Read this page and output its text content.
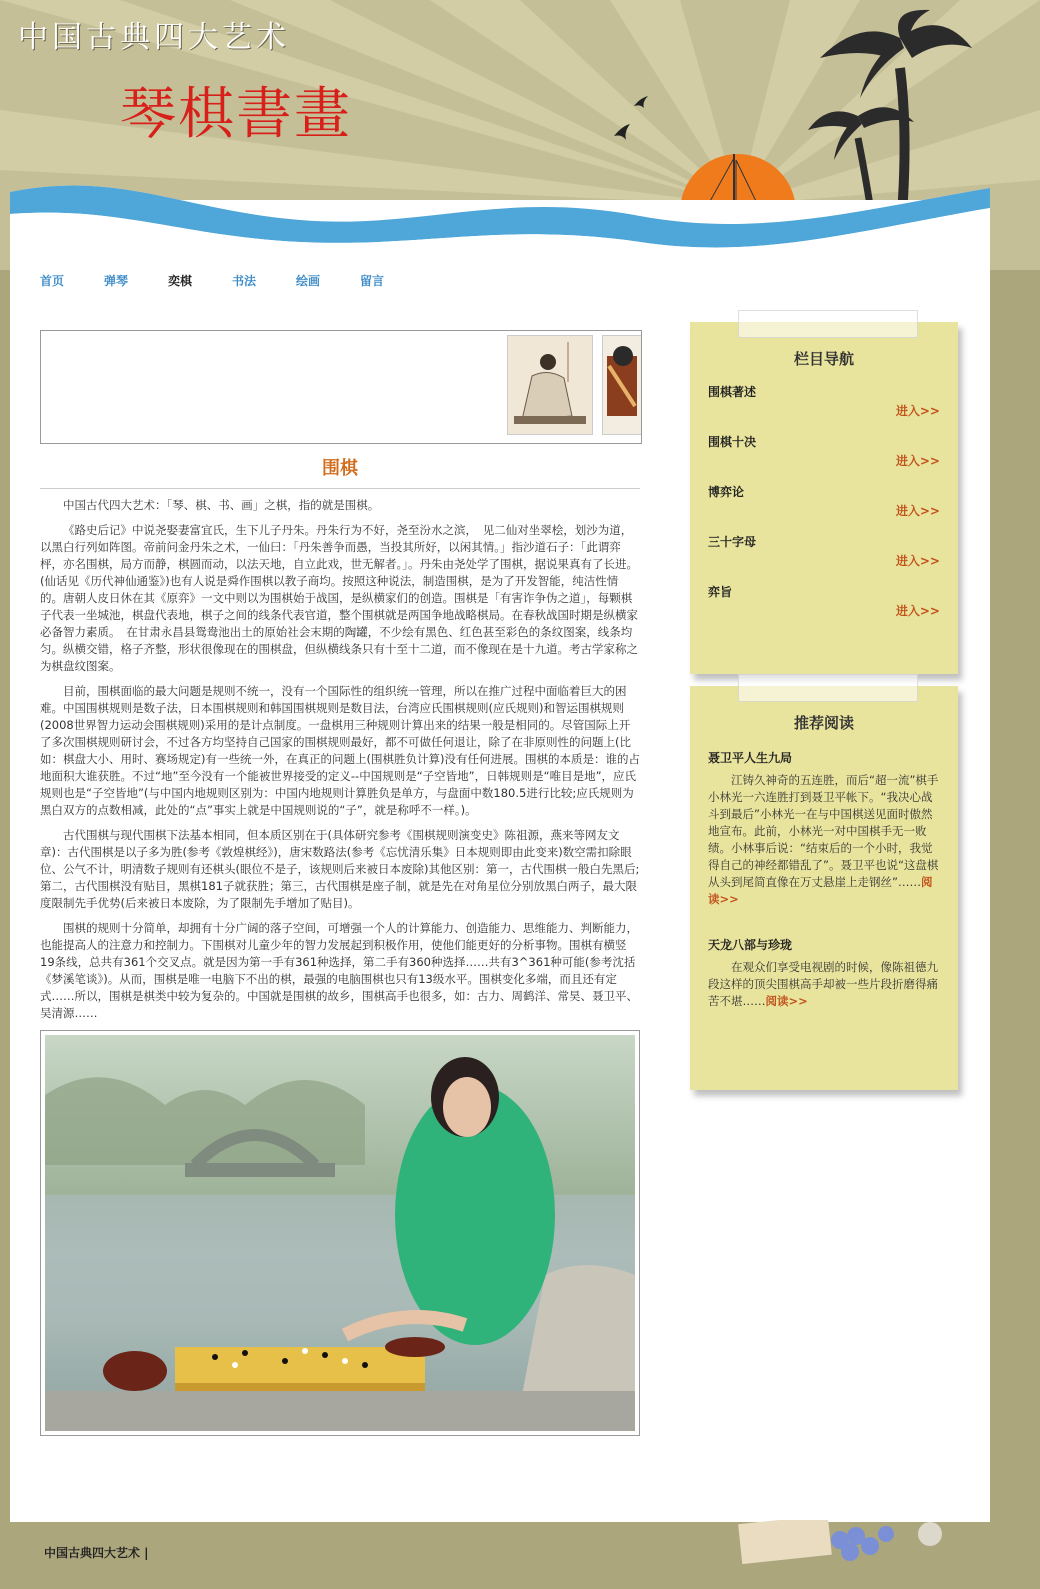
中国古典四大艺术
琴棋書畫
首页	弹琴	奕棋	书法	绘画	留言
围棋

中国古代四大艺术：「琴、棋、书、画」之棋，指的就是围棋。

《路史后记》中说尧娶妻富宜氏，生下儿子丹朱。丹朱行为不好，尧至汾水之滨，　见二仙对坐翠桧，划沙为道，以黑白行列如阵图。帝前问金丹朱之术，一仙曰：「丹朱善争而愚，当投其所好，以闲其情。」指沙道石子：「此谓弈枰，亦名围棋，局方而静，棋圆而动，以法天地，自立此戏，世无解者。」。丹朱由尧处学了围棋，据说果真有了长进。(仙话见《历代神仙通鉴》)也有人说是舜作围棋以教子商均。按照这种说法，制造围棋，是为了开发智能，纯洁性情的。唐朝人皮日休在其《原弈》一文中则以为围棋始于战国，是纵横家们的创造。围棋是「有害诈争伪之道」，每颗棋子代表一坐城池，棋盘代表地，棋子之间的线条代表官道，整个围棋就是两国争地战略棋局。在春秋战国时期是纵横家必备智力素质。　在甘肃永昌县鸳鸯池出土的原始社会末期的陶罐，不少绘有黑色、红色甚至彩色的条纹图案，线条均匀。纵横交错，格子齐整，形状很像现在的围棋盘，但纵横线条只有十至十二道，而不像现在是十九道。考古学家称之为棋盘纹图案。

目前，围棋面临的最大问题是规则不统一，没有一个国际性的组织统一管理，所以在推广过程中面临着巨大的困难。中国围棋规则是数子法，日本围棋规则和韩国围棋规则是数目法，台湾应氏围棋规则(应氏规则)和智运围棋规则(2008世界智力运动会围棋规则)采用的是计点制度。一盘棋用三种规则计算出来的结果一般是相同的。尽管国际上开了多次围棋规则研讨会，不过各方均坚持自己国家的围棋规则最好，都不可做任何退让，除了在非原则性的问题上(比如：棋盘大小、用时、赛场规定)有一些统一外，在真正的问题上(围棋胜负计算)没有任何进展。围棋的本质是：谁的占地面积大谁获胜。不过“地”至今没有一个能被世界接受的定义--中国规则是“子空皆地”，日韩规则是“唯目是地”，应氏规则也是“子空皆地”(与中国内地规则区别为：中国内地规则计算胜负是单方，与盘面中数180.5进行比较;应氏规则为黑白双方的点数相减，此处的“点”事实上就是中国规则说的“子”，就是称呼不一样。)。

古代围棋与现代围棋下法基本相同，但本质区别在于(具体研究参考《围棋规则演变史》陈祖源，燕来等网友文章)：古代围棋是以子多为胜(参考《敦煌棋经》)，唐宋数路法(参考《忘忧清乐集》日本规则即由此变来)数空需扣除眼位、公气不计，明清数子规则有还棋头(眼位不是子，该规则后来被日本废除)其他区别：第一，古代围棋一般白先黑后;第二，古代围棋没有贴目，黑棋181子就获胜；第三，古代围棋是座子制，就是先在对角星位分别放黑白两子，最大限度限制先手优势(后来被日本废除，为了限制先手增加了贴目)。

围棋的规则十分简单，却拥有十分广阔的落子空间，可增强一个人的计算能力、创造能力、思维能力、判断能力，也能提高人的注意力和控制力。下围棋对儿童少年的智力发展起到积极作用，使他们能更好的分析事物。围棋有横竖19条线，总共有361个交叉点。就是因为第一手有361种选择，第二手有360种选择……共有3^361种可能(参考沈括《梦溪笔谈》)。从而，围棋是唯一电脑下不出的棋，最强的电脑围棋也只有13级水平。围棋变化多端，而且还有定式……所以，围棋是棋类中较为复杂的。中国就是围棋的故乡，围棋高手也很多，如：古力、周鹤洋、常昊、聂卫平、吴清源……

栏目导航
围棋著述
进入>>
围棋十决
进入>>
博弈论
进入>>
三十字母
进入>>
弈旨
进入>>
推荐阅读
聂卫平人生九局
江铸久神奇的五连胜，而后“超一流”棋手小林光一六连胜打到聂卫平帐下。“我决心战斗到最后”小林光一在与中国棋送见面时傲然地宣布。此前，小林光一对中国棋手无一败绩。小林事后说：“结束后的一个小时，我觉得自己的神经都错乱了”。聂卫平也说“这盘棋从头到尾简直像在万丈悬崖上走钢丝”……阅读>>
天龙八部与珍珑
在观众们享受电视剧的时候，像陈祖德九段这样的顶尖围棋高手却被一些片段折磨得痛苦不堪……阅读>>
中国古典四大艺术 |
